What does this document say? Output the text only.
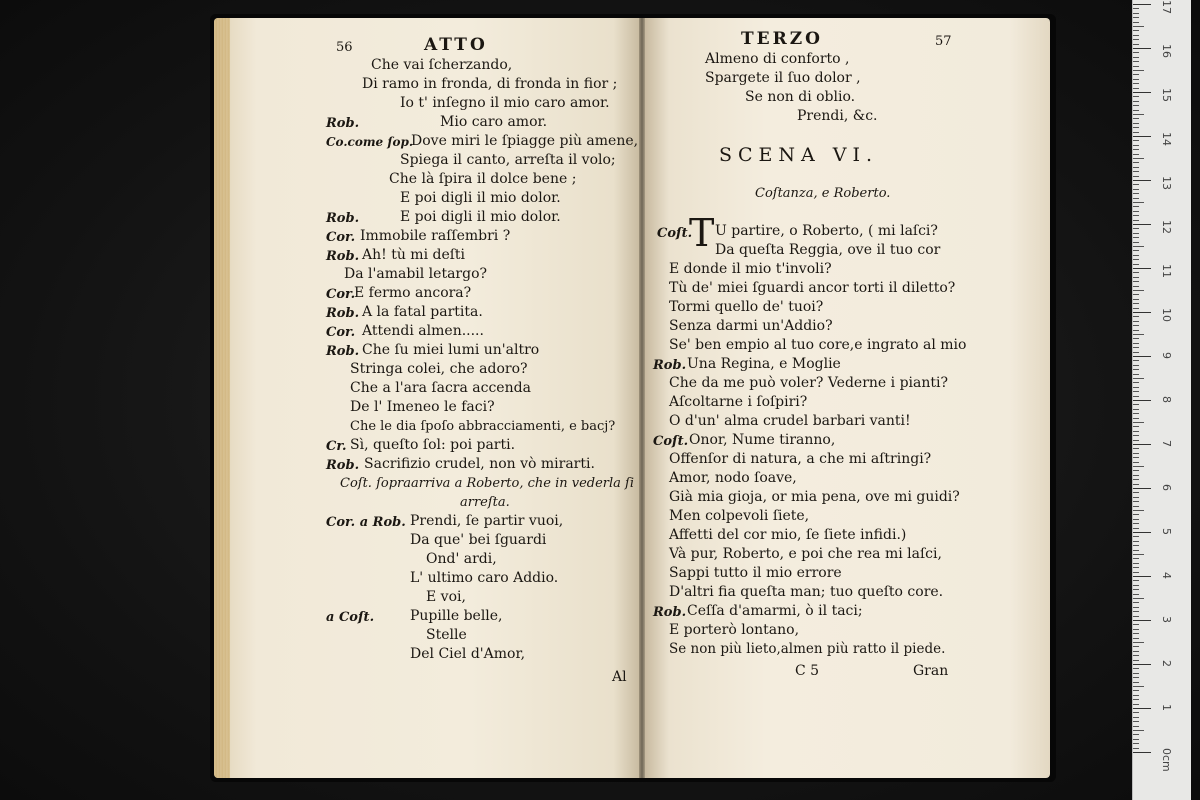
56	ATTO
Che vai ſcherzando,
Di ramo in fronda, di fronda in fior ;
Io t' inſegno il mio caro amor.
Rob.	Mio caro amor.
Co.come ſop.
Dove miri le ſpiagge più amene,
Spiega il canto, arreſta il volo;
Che là ſpira il dolce bene ;
E poi digli il mio dolor.
Rob.	E poi digli il mio dolor.
Cor. Immobile raſſembri ?
Rob. Ah! tù mi deſti
Da l'amabil letargo?
Cor.
E fermo ancora?
Rob. A la fatal partita.
Cor. Attendi almen.....
Rob. Che ſu miei lumi un'altro
Stringa colei, che adoro?
Che a l'ara ſacra accenda
De l' Imeneo le faci?
Che le dia ſpoſo abbracciamenti, e bacj?
Cr. Sì, queſto ſol: poi parti.
Rob. Sacrifizio crudel, non vò mirarti.
Coſt. ſopraarriva a Roberto, che in vederla ſi
arreſta.
Cor. a Rob. Prendi, ſe partir vuoi,
Da que' bei ſguardi
Ond' ardi,
L' ultimo caro Addio.
E voi,
a Coſt.	Pupille belle,
Stelle
Del Ciel d'Amor,
Al
TERZO	57
Almeno di conforto ,
Spargete il ſuo dolor ,
Se non di oblio.
Prendi, &c.
SCENA VI.
Coſtanza, e Roberto.
Coſt.
T U partire, o Roberto, ( mi laſci?
Da queſta Reggia, ove il tuo cor
E donde il mio t'involi?
Tù de' miei ſguardi ancor torti il diletto?
Tormi quello de' tuoi?
Senza darmi un'Addio?
Se' ben empio al tuo core,e ingrato al mio
Rob. Una Regina, e Moglie
Che da me può voler? Vederne i pianti?
Aſcoltarne i ſoſpiri?
O d'un' alma crudel barbari vanti!
Coſt. Onor, Nume tiranno,
Offenſor di natura, a che mi aſtringi?
Amor, nodo ſoave,
Già mia gioja, or mia pena, ove mi guidi?
Men colpevoli ſiete,
Affetti del cor mio, ſe ſiete infidi.)
Và pur, Roberto, e poi che rea mi laſci,
Sappi tutto il mio errore
D'altri fia queſta man; tuo queſto core.
Rob. Ceſſa d'amarmi, ò il taci;
E porterò lontano,
Se non più lieto,almen più ratto il piede.
C 5	Gran
17
16
15
14
13
12
11
10
9
8
7
6
5
4
3
2
1
0cm
